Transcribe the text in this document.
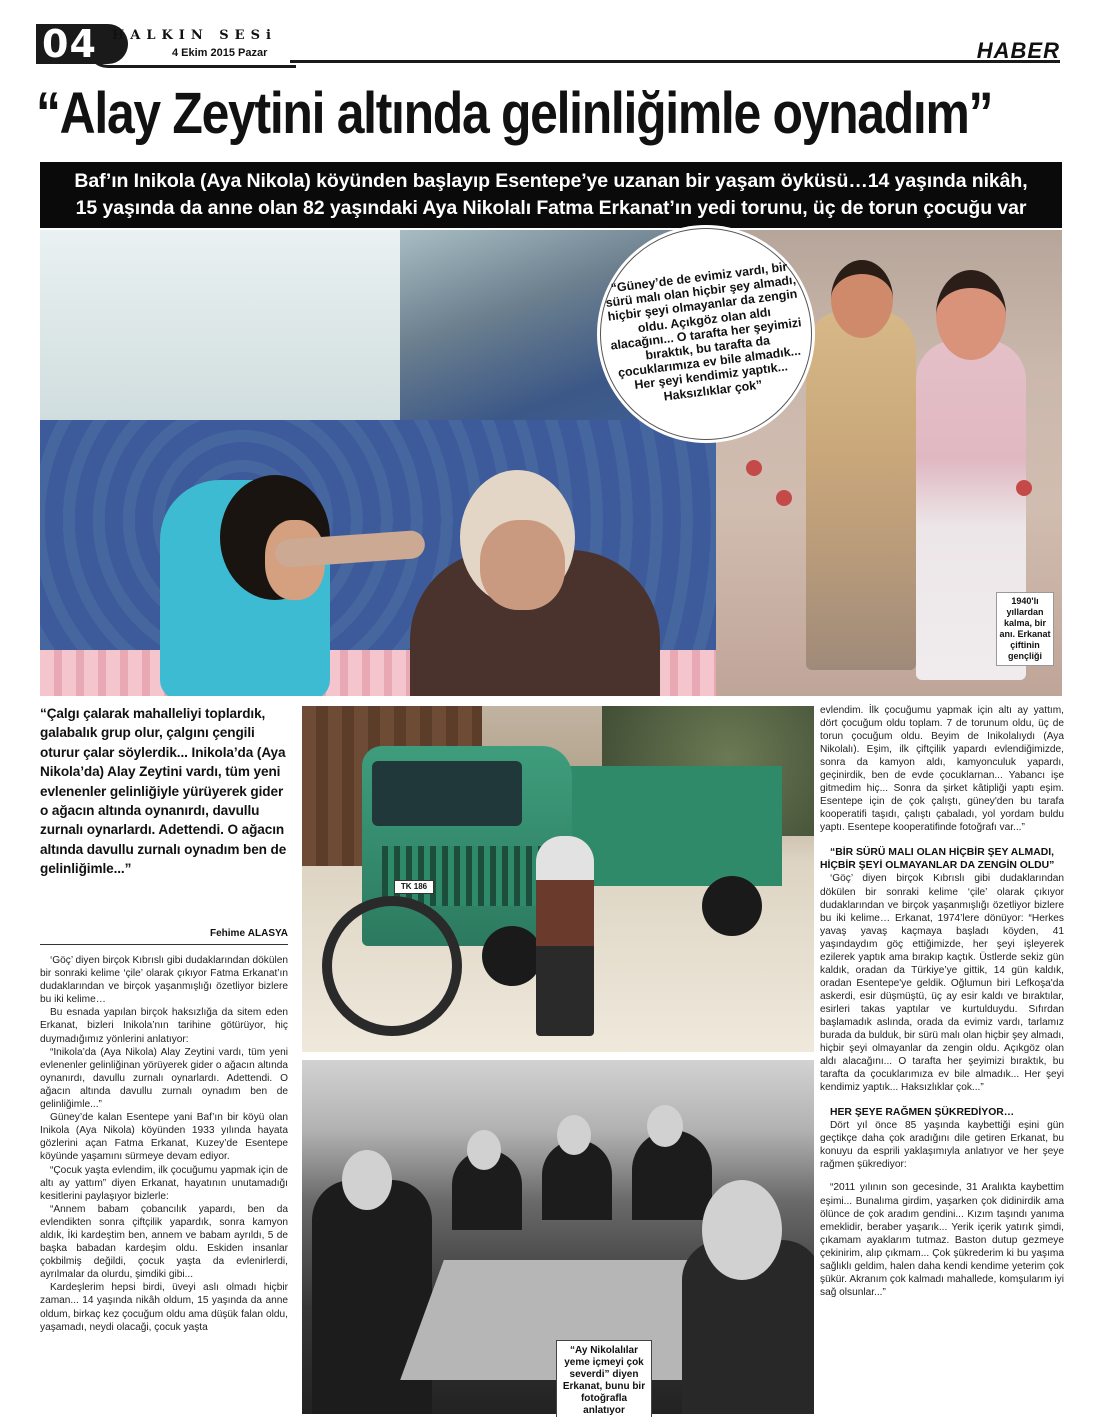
04	HALKIN SESi
4 Ekim 2015 Pazar	HABER
“Alay Zeytini altında gelinliğimle oynadım”
Baf’ın Inikola (Aya Nikola) köyünden başlayıp Esentepe’ye uzanan bir yaşam öyküsü…14 yaşında nikâh,
15 yaşında da anne olan 82 yaşındaki Aya Nikolalı Fatma Erkanat’ın yedi torunu, üç de torun çocuğu var
1940'lı yıllardan kalma, bir anı. Erkanat çiftinin gençliği
“Güney’de de evimiz vardı, bir sürü malı olan hiçbir şey almadı, hiçbir şeyi olmayanlar da zengin oldu. Açıkgöz olan aldı alacağını... O tarafta her şeyimizi bıraktık, bu tarafta da çocuklarımıza ev bile almadık... Her şeyi kendimiz yaptık... Haksızlıklar çok”
“Çalgı çalarak mahalleliyi toplardık, galabalık grup olur, çalgını çengili oturur çalar söylerdik... Inikola’da (Aya Nikola’da) Alay Zeytini vardı, tüm yeni evlenenler gelinliğiyle yürüyerek gider o ağacın altında oynanırdı, davullu zurnalı oynarlardı. Adettendi. O ağacın altında davullu zurnalı oynadım ben de gelinliğimle...”
Fehime ALASYA

‘Göç’ diyen birçok Kıbrıslı gibi dudaklarından dökülen bir sonraki kelime ‘çile’ olarak çıkıyor Fatma Erkanat’ın dudaklarından ve birçok yaşanmışlığı özetliyor bizlere bu iki kelime…

Bu esnada yapılan birçok haksızlığa da sitem eden Erkanat, bizleri Inikola’nın tarihine götürüyor, hiç duymadığımız yönlerini anlatıyor:

“Inikola’da (Aya Nikola) Alay Zeytini vardı, tüm yeni evlenenler gelinliğinan yörüyerek gider o ağacın altında oynanırdı, davullu zurnalı oynarlardı. Adettendi. O ağacın altında davullu zurnalı oynadım ben de gelinliğimle...”

Güney’de kalan Esentepe yani Baf’ın bir köyü olan Inikola (Aya Nikola) köyünden 1933 yılında hayata gözlerini açan Fatma Erkanat, Kuzey’de Esentepe köyünde yaşamını sürmeye devam ediyor.

“Çocuk yaşta evlendim, ilk çocuğumu yapmak için de altı ay yattım” diyen Erkanat, hayatının unutamadığı kesitlerini paylaşıyor bizlerle:

“Annem babam çobancılık yapardı, ben da evlendikten sonra çiftçilik yapardık, sonra kamyon aldık, İki kardeştim ben, annem ve babam ayrıldı, 5 de başka babadan kardeşim oldu. Eskiden insanlar çokbilmiş değildi, çocuk yaşta da evlenirlerdi, ayrılmalar da olurdu, şimdiki gibi...

Kardeşlerim hepsi birdi, üveyi aslı olmadı hiçbir zaman... 14 yaşında nikâh oldum, 15 yaşında da anne oldum, birkaç kez çocuğum oldu ama düşük falan oldu, yaşamadı, neydi olacaği, çocuk yaşta

TK 186
“Ay Nikolalılar yeme içmeyi çok severdi” diyen Erkanat, bunu bir fotoğrafla anlatıyor
evlendim. İlk çocuğumu yapmak için altı ay yattım, dört çocuğum oldu toplam. 7 de torunum oldu, üç de torun çocuğum oldu. Beyim de Inikolalıydı (Aya Nikolalı). Eşim, ilk çiftçilik yapardı evlendiğimizde, sonra da kamyon aldı, kamyonculuk yapardı, geçinirdik, ben de evde çocuklarnan... Yabancı işe gitmedim hiç... Sonra da şirket kâtipliği yaptı eşim. Esentepe için de çok çalıştı, güney'den bu tarafa kooperatifi taşıdı, çalıştı çabaladı, yol yordam buldu yaptı. Esentepe kooperatifinde fotoğrafı var...”
“BİR SÜRÜ MALI OLAN HİÇBİR ŞEY ALMADI, HİÇBİR ŞEYİ OLMAYANLAR DA ZENGİN OLDU”

‘Göç’ diyen birçok Kıbrıslı gibi dudaklarından dökülen bir sonraki kelime ‘çile’ olarak çıkıyor dudaklarından ve birçok yaşanmışlığı özetliyor bizlere bu iki kelime… Erkanat, 1974’lere dönüyor: “Herkes yavaş yavaş kaçmaya başladı köyden, 41 yaşındaydım göç ettiğimizde, her şeyi işleyerek ezilerek yaptık ama bırakıp kaçtık. Üstlerde sekiz gün kaldık, oradan da Türkiye’ye gittik, 14 gün kaldık, oradan Esentepe'ye geldik. Oğlumun biri Lefkoşa'da askerdi, esir düşmüştü, üç ay esir kaldı ve bıraktılar, esirleri takas yaptılar ve kurtulduydu. Sıfırdan başlamadık aslında, orada da evimiz vardı, tarlamız burada da bulduk, bir sürü malı olan hiçbir şey almadı, hiçbir şeyi olmayanlar da zengin oldu. Açıkgöz olan aldı alacağını... O tarafta her şeyimizi bıraktık, bu tarafta da çocuklarımıza ev bile almadık... Her şeyi kendimiz yaptık... Haksızlıklar çok...”

HER ŞEYE RAĞMEN ŞÜKREDİYOR…

Dört yıl önce 85 yaşında kaybettiği eşini gün geçtikçe daha çok aradığını dile getiren Erkanat, bu konuyu da esprili yaklaşımıyla anlatıyor ve her şeye rağmen şükrediyor:

“2011 yılının son gecesinde, 31 Aralıkta kaybettim eşimi... Bunalıma girdim, yaşarken çok didinirdik ama ölünce de çok aradım gendini... Kızım taşındı yanıma emeklidir, beraber yaşarık... Yerik içerik yatırık şimdi, çıkamam ayaklarım tutmaz. Baston dutup gezmeye çekinirim, alıp çıkmam... Çok şükrederim ki bu yaşıma sağlıklı geldim, halen daha kendi kendime yeterim çok şükür. Akranım çok kalmadı mahallede, komşularım iyi sağ olsunlar...”
